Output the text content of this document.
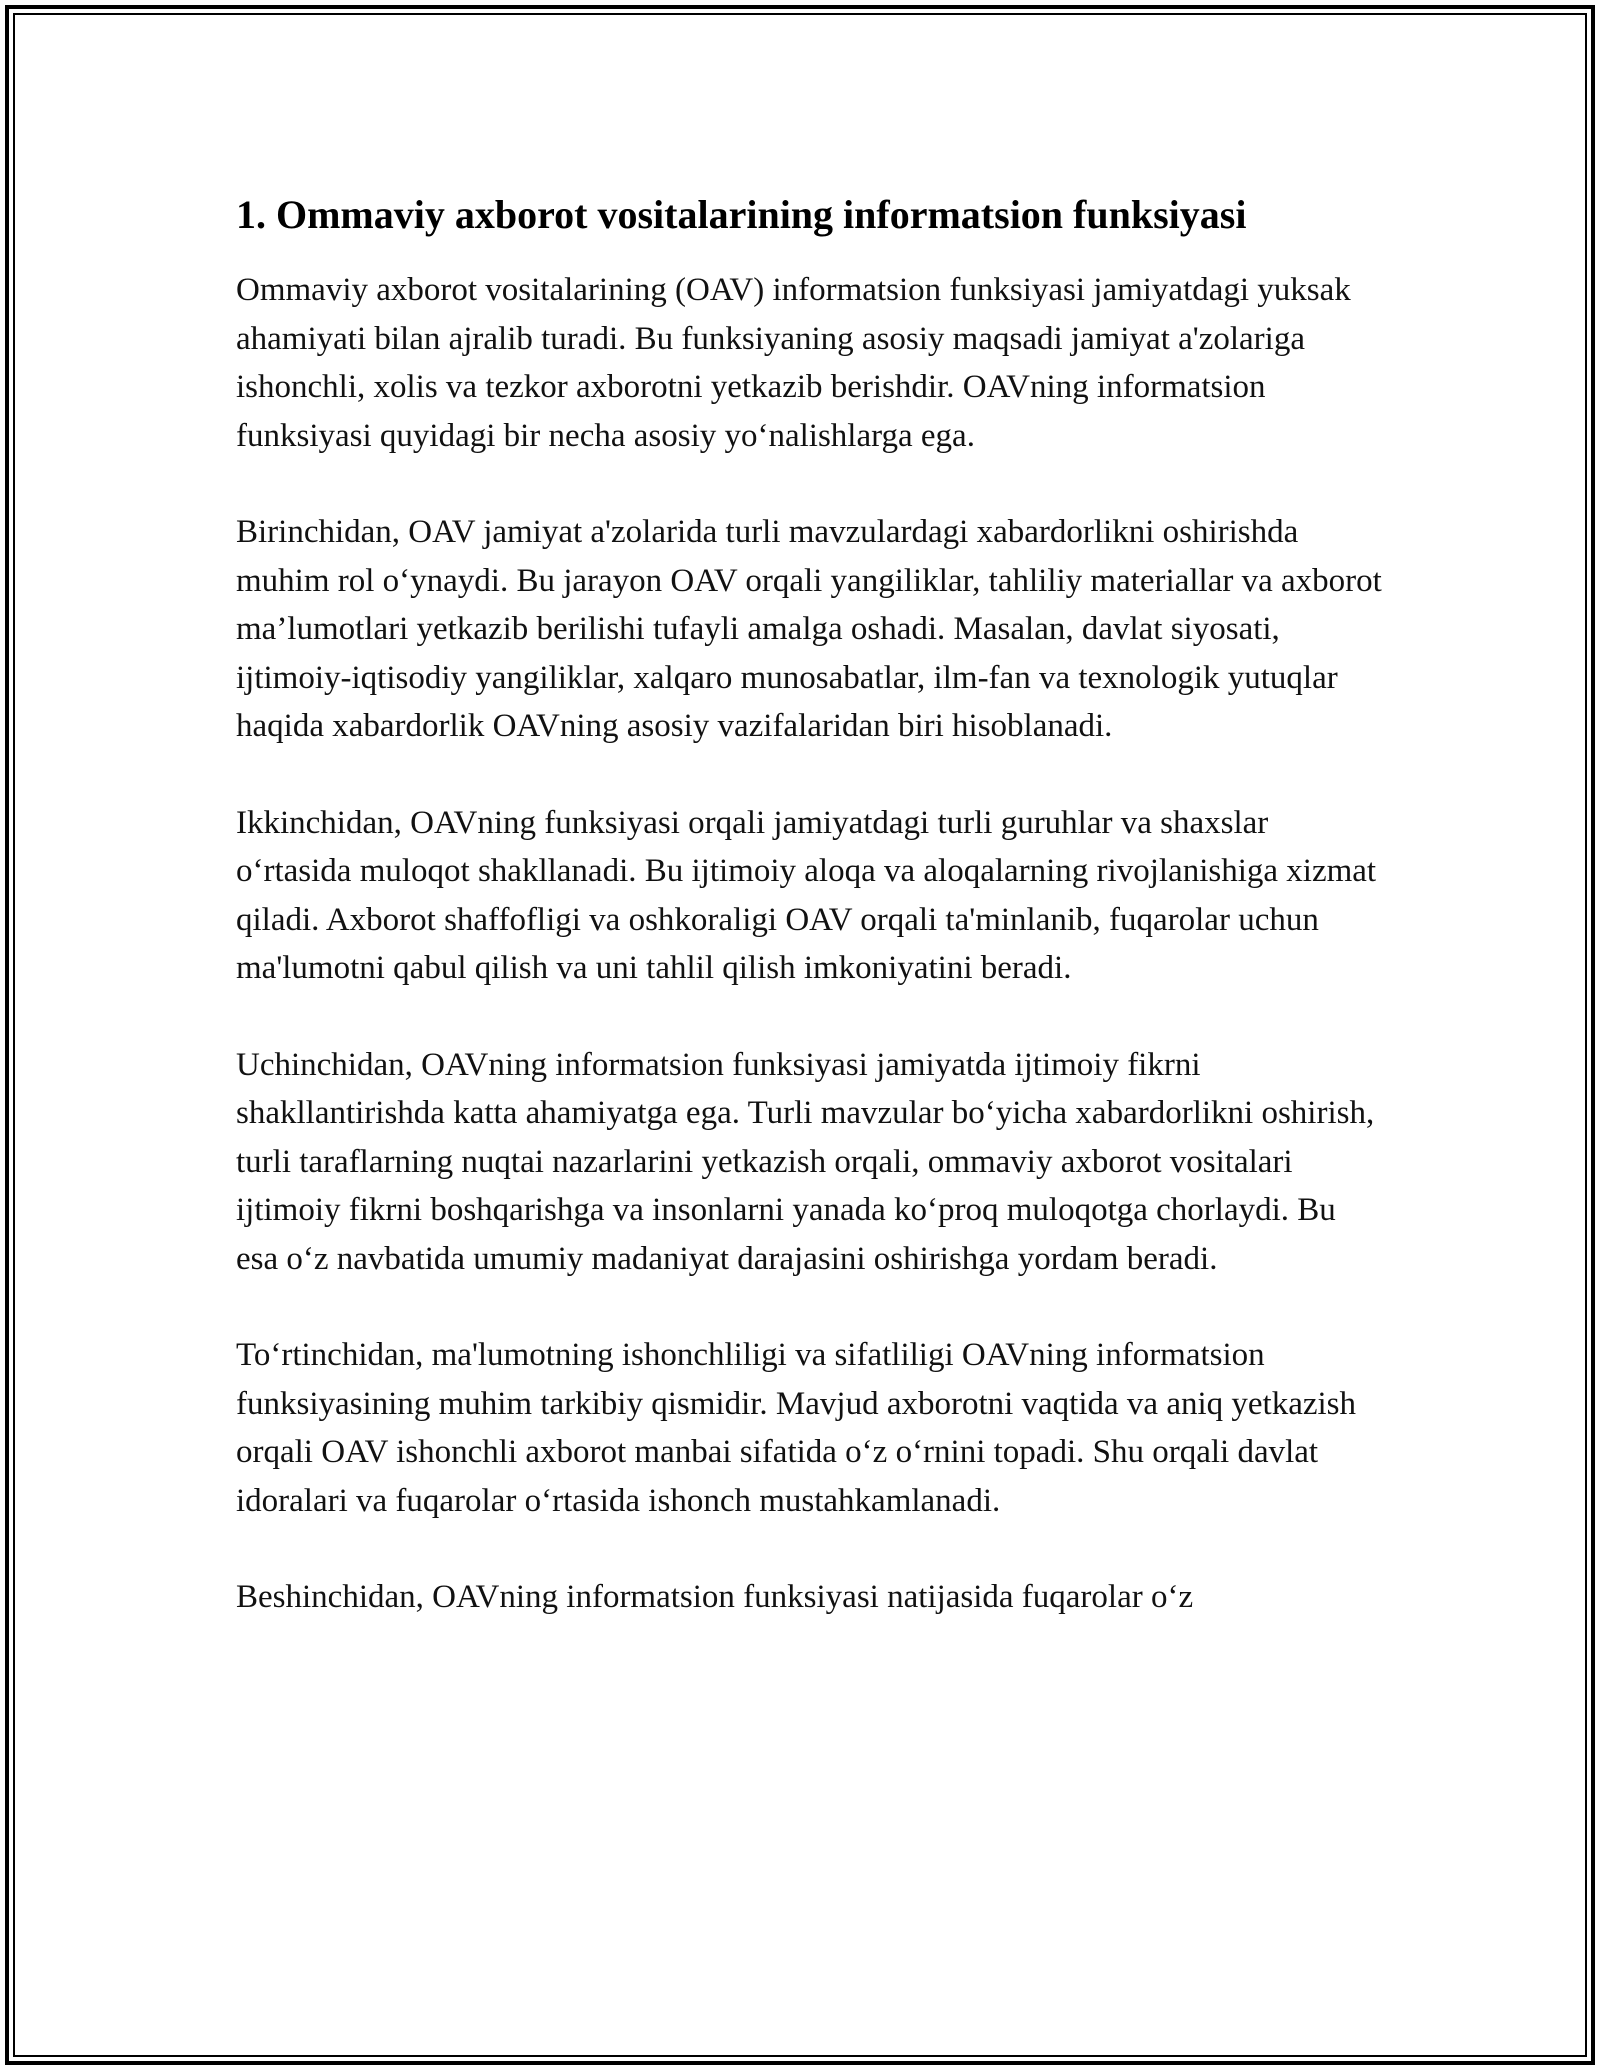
1. Ommaviy axborot vositalarining informatsion funksiyasi

Ommaviy axborot vositalarining (OAV) informatsion funksiyasi jamiyatdagi yuksak ahamiyati bilan ajralib turadi. Bu funksiyaning asosiy maqsadi jamiyat a'zolariga ishonchli, xolis va tezkor axborotni yetkazib berishdir. OAVning informatsion funksiyasi quyidagi bir necha asosiy yo‘nalishlarga ega.

Birinchidan, OAV jamiyat a'zolarida turli mavzulardagi xabardorlikni oshirishda muhim rol o‘ynaydi. Bu jarayon OAV orqali yangiliklar, tahliliy materiallar va axborot ma’lumotlari yetkazib berilishi tufayli amalga oshadi. Masalan, davlat siyosati, ijtimoiy-iqtisodiy yangiliklar, xalqaro munosabatlar, ilm-fan va texnologik yutuqlar haqida xabardorlik OAVning asosiy vazifalaridan biri hisoblanadi.

Ikkinchidan, OAVning funksiyasi orqali jamiyatdagi turli guruhlar va shaxslar o‘rtasida muloqot shakllanadi. Bu ijtimoiy aloqa va aloqalarning rivojlanishiga xizmat qiladi. Axborot shaffofligi va oshkoraligi OAV orqali ta'minlanib, fuqarolar uchun ma'lumotni qabul qilish va uni tahlil qilish imkoniyatini beradi.

Uchinchidan, OAVning informatsion funksiyasi jamiyatda ijtimoiy fikrni shakllantirishda katta ahamiyatga ega. Turli mavzular bo‘yicha xabardorlikni oshirish, turli taraflarning nuqtai nazarlarini yetkazish orqali, ommaviy axborot vositalari ijtimoiy fikrni boshqarishga va insonlarni yanada ko‘proq muloqotga chorlaydi. Bu esa o‘z navbatida umumiy madaniyat darajasini oshirishga yordam beradi.

To‘rtinchidan, ma'lumotning ishonchliligi va sifatliligi OAVning informatsion funksiyasining muhim tarkibiy qismidir. Mavjud axborotni vaqtida va aniq yetkazish orqali OAV ishonchli axborot manbai sifatida o‘z o‘rnini topadi. Shu orqali davlat idoralari va fuqarolar o‘rtasida ishonch mustahkamlanadi.

Beshinchidan, OAVning informatsion funksiyasi natijasida fuqarolar o‘z
